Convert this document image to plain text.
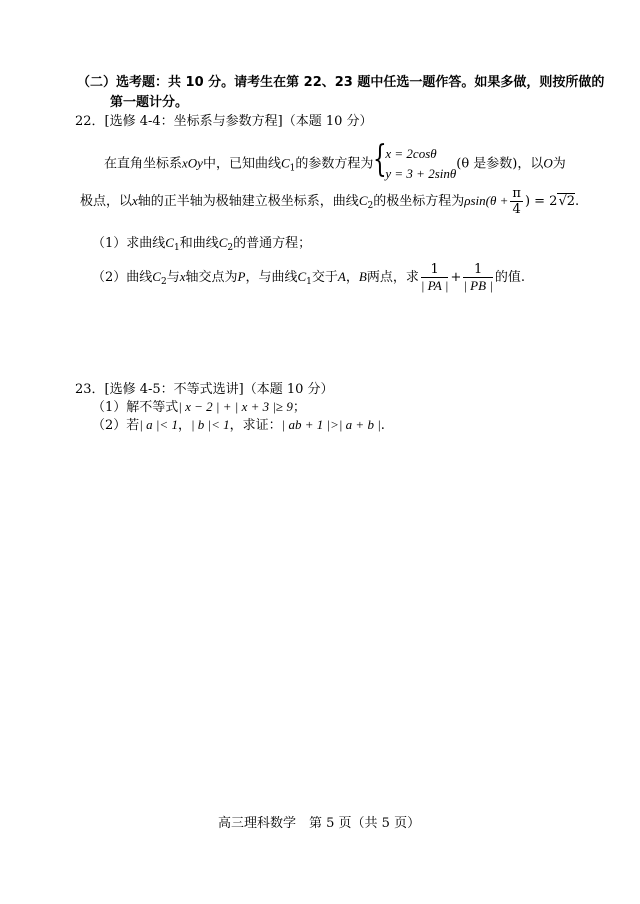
（二）选考题：共 10 分。请考生在第 22、23 题中任选一题作答。如果多做，则按所做的
第一题计分。
22．[选修 4-4：坐标系与参数方程]（本题 10 分）
在直角坐标系xOy中，已知曲线$C_1$的参数方程为 {
x = 2cosθ
y = 3 + 2sinθ
(θ 是参数)，以O为
极点，以x轴的正半轴为极轴建立极坐标系，曲线$C_2$的极坐标方程为$\rho\sin(\theta + \frac{\pi}{4}$ ) = 2√2.
（1）求曲线$C_1$和曲线$C_2$的普通方程；
（2）曲线$C_2$与x轴交点为P，与曲线$C_1$交于A，B两点，求 $\frac{1}{| PA |} + \frac{1}{| PB |}$ 的值.
23．[选修 4-5：不等式选讲]（本题 10 分）
（1）解不等式| x − 2 | + | x + 3 |≥ 9；
（2）若| a |< 1，| b |< 1，求证：| ab + 1 |>| a + b |.
高三理科数学　第 5 页（共 5 页）
